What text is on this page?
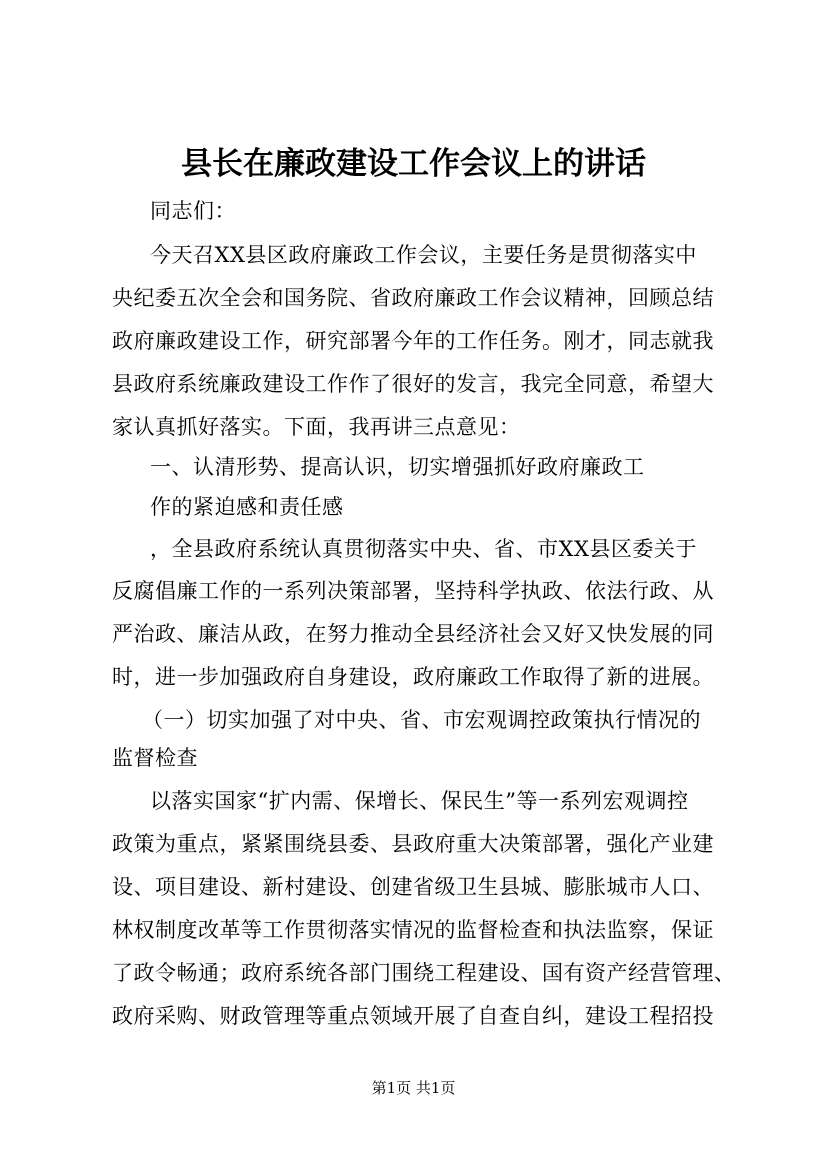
县长在廉政建设工作会议上的讲话
同志们：
今天召XX县区政府廉政工作会议，主要任务是贯彻落实中
央纪委五次全会和国务院、省政府廉政工作会议精神，回顾总结
政府廉政建设工作，研究部署今年的工作任务。刚才，同志就我
县政府系统廉政建设工作作了很好的发言，我完全同意，希望大
家认真抓好落实。下面，我再讲三点意见：
一、认清形势、提高认识，切实增强抓好政府廉政工
作的紧迫感和责任感
，全县政府系统认真贯彻落实中央、省、市XX县区委关于
反腐倡廉工作的一系列决策部署，坚持科学执政、依法行政、从
严治政、廉洁从政，在努力推动全县经济社会又好又快发展的同
时，进一步加强政府自身建设，政府廉政工作取得了新的进展。
（一）切实加强了对中央、省、市宏观调控政策执行情况的
监督检查
以落实国家“扩内需、保增长、保民生”等一系列宏观调控
政策为重点，紧紧围绕县委、县政府重大决策部署，强化产业建
设、项目建设、新村建设、创建省级卫生县城、膨胀城市人口、
林权制度改革等工作贯彻落实情况的监督检查和执法监察，保证
了政令畅通；政府系统各部门围绕工程建设、国有资产经营管理、
政府采购、财政管理等重点领域开展了自查自纠，建设工程招投
第1页 共1页
